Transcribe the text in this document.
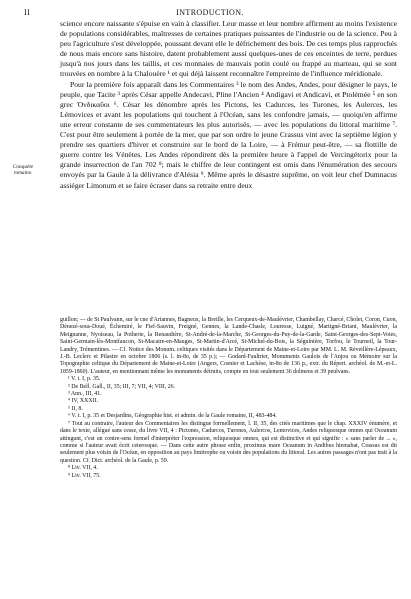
II	INTRODUCTION.
Conquête romaine.

science encore naissante s'épuise en vain à classifier. Leur masse et leur nombre affirment au moins l'existence de populations considérables, maîtresses de certaines pratiques puissantes de l'industrie ou de la science. Peu à peu l'agriculture s'est développée, poussant devant elle le défrichement des bois. De ces temps plus rapprochés de nous mais encore sans histoire, datent probablement aussi quelques-unes de ces enceintes de terre, perdues jusqu'à nos jours dans les taillis, et ces monnaies de mauvais potin coulé ou frappé au marteau, qui se sont trouvées en nombre à la Chalouère ¹ et qui déjà laissent reconnaître l'empreinte de l'influence méridionale.

Pour la première fois apparaît dans les Commentaires ² le nom des Andes, Andes, pour désigner le pays, le peuple, que Tacite ³ après César appelle Andecavi, Pline l'Ancien ⁴ Andigavi et Andicavi, et Ptolémée ⁵ en son grec Ὀνδικαῦοι ⁶. César les dénombre après les Pictons, les Cadurces, les Turones, les Aulerces, les Lémovices et avant les populations qui touchent à l'Océan, sans les confondre jamais, — quoiqu'en affirme une erreur constante de ses commentateurs les plus autorisés, — avec les populations du littoral maritime ⁷. C'est pour être seulement à portée de la mer, que par son ordre le jeune Crassus vint avec la septième légion y prendre ses quartiers d'hiver et construire sur le bord de la Loire, — à Frémur peut-être, — sa flottille de guerre contre les Vénètes. Les Andes répondirent dès la première heure à l'appel de Vercingétorix pour la grande insurrection de l'an 702 ⁸; mais le chiffre de leur contingent est omis dans l'énumération des secours envoyés par la Gaule à la délivrance d'Alésia ⁹. Même après le désastre suprême, on voit leur chef Dumnacus assiéger Limonum et se faire écraser dans sa retraite entre deux

guillon; — de St Paulvann, sur le cne d'Artannes, Bagneux, la Breille, les Cerqueux-de-Maulévrier, Chambellay, Charcé, Cholet, Coron, Cuon, Dénezé-sous-Doué, Échemiré, le Fief-Sauvin, Freigné, Gennes, la Lande-Chasle, Louresse, Luigné, Martigné-Briant, Maulévrier, la Meignanne, Nyoiseau, la Potherie, la Renaudière, St-André-de-la-Marche, St-Georges-du-Puy-de-la-Garde, Saint-Georges-des-Sept-Voies, Saint-Germain-lès-Montfaucon, St-Macaire-en-Mauges, St-Martin-d'Arcé, St-Michel-du-Bois, la Séguinière, Torfou, le Tourneil, la Tour-Landry, Trémentines. — Cf. Notice des Monum. celtiques visités dans le Département de Maine-et-Loire par MM. L. M. Réveillère-Lépeaux, J.-B. Leclerc et Pilastre en octobre 1806 (s. l. in-8o, de 35 p.); — Godard-Faultrier, Monuments Gaulois de l'Anjou ou Mémoire sur la Topographie celtique du Département de Maine-et-Loire (Angers, Cosnier et Lachèse, in-8o de 136 p., extr. du Répert. archéol. de M.-et-L. 1859-1860). L'auteur, en mentionnant même les monuments détruits, compte en tout seulement 36 dolmens et 39 peulvans.

¹ V. t. I, p. 35.

² De Bell. Gall., II, 35; III, 7; VII, 4; VIII, 26.

³ Ann., III, 41.

⁴ IV, XXXII.

⁵ II, 8.

⁶ V. t. I, p. 35 et Desjardins, Géographie hist. et admin. de la Gaule romaine, II, 483-484.

⁷ Tout au contraire, l'auteur des Commentaires les distingue formellement, l. II, 35, des cités maritimes que le chap. XXXIV énumère, et dans le texte, allégué sans cesse, du livre VII, 4 : Pictones, Cadurcos, Turones, Aulercos, Lemovices, Andes reliquosque omnes qui Oceanum attingunt, c'est un contre-sens formel d'interpréter l'expression, reliquosque omnes, qui est distinctive et qui signifie : « sans parler de ... », comme si l'auteur avait écrit ceterosque. — Dans cette autre phrase enfin, proximus mare Oceanum in Andibus hiemabat, Crassus est dit seulement plus voisin de l'Océan, en opposition au pays limitrophe ou voisin des populations du littoral. Les autres passages n'ont pas trait à la question. Cf. Dict. archéol. de la Gaule, p. 59.

⁸ Liv. VII, 4.

⁹ Liv. VII, 75.
